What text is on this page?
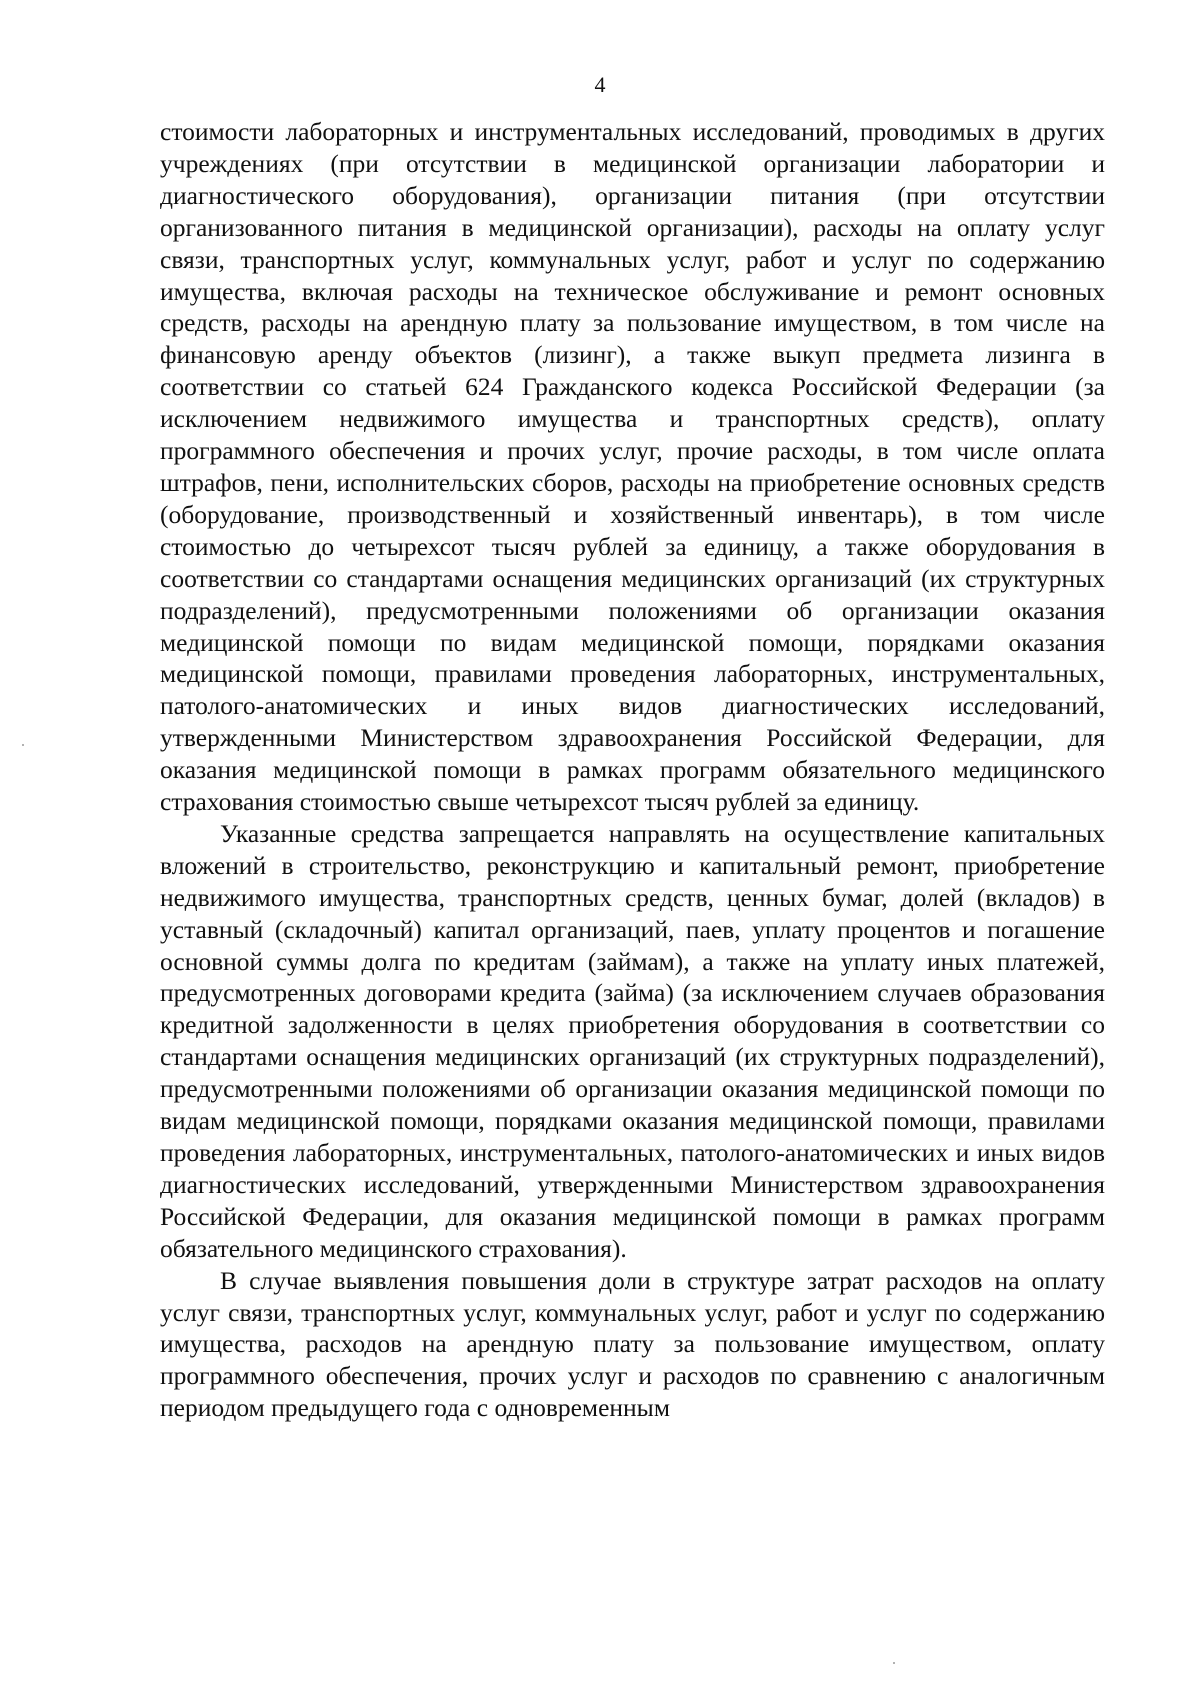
4

стоимости лабораторных и инструментальных исследований, проводимых в других учреждениях (при отсутствии в медицинской организации лаборатории и диагностического оборудования), организации питания (при отсутствии организованного питания в медицинской организации), расходы на оплату услуг связи, транспортных услуг, коммунальных услуг, работ и услуг по содержанию имущества, включая расходы на техническое обслуживание и ремонт основных средств, расходы на арендную плату за пользование имуществом, в том числе на финансовую аренду объектов (лизинг), а также выкуп предмета лизинга в соответствии со статьей 624 Гражданского кодекса Российской Федерации (за исключением недвижимого имущества и транспортных средств), оплату программного обеспечения и прочих услуг, прочие расходы, в том числе оплата штрафов, пени, исполнительских сборов, расходы на приобретение основных средств (оборудование, производственный и хозяйственный инвентарь), в том числе стоимостью до четырехсот тысяч рублей за единицу, а также оборудования в соответствии со стандартами оснащения медицинских организаций (их структурных подразделений), предусмотренными положениями об организации оказания медицинской помощи по видам медицинской помощи, порядками оказания медицинской помощи, правилами проведения лабораторных, инструментальных, патолого-анатомических и иных видов диагностических исследований, утвержденными Министерством здравоохранения Российской Федерации, для оказания медицинской помощи в рамках программ обязательного медицинского страхования стоимостью свыше четырехсот тысяч рублей за единицу.

Указанные средства запрещается направлять на осуществление капитальных вложений в строительство, реконструкцию и капитальный ремонт, приобретение недвижимого имущества, транспортных средств, ценных бумаг, долей (вкладов) в уставный (складочный) капитал организаций, паев, уплату процентов и погашение основной суммы долга по кредитам (займам), а также на уплату иных платежей, предусмотренных договорами кредита (займа) (за исключением случаев образования кредитной задолженности в целях приобретения оборудования в соответствии со стандартами оснащения медицинских организаций (их структурных подразделений), предусмотренными положениями об организации оказания медицинской помощи по видам медицинской помощи, порядками оказания медицинской помощи, правилами проведения лабораторных, инструментальных, патолого-анатомических и иных видов диагностических исследований, утвержденными Министерством здравоохранения Российской Федерации, для оказания медицинской помощи в рамках программ обязательного медицинского страхования).

В случае выявления повышения доли в структуре затрат расходов на оплату услуг связи, транспортных услуг, коммунальных услуг, работ и услуг по содержанию имущества, расходов на арендную плату за пользование имуществом, оплату программного обеспечения, прочих услуг и расходов по сравнению с аналогичным периодом предыдущего года с одновременным
